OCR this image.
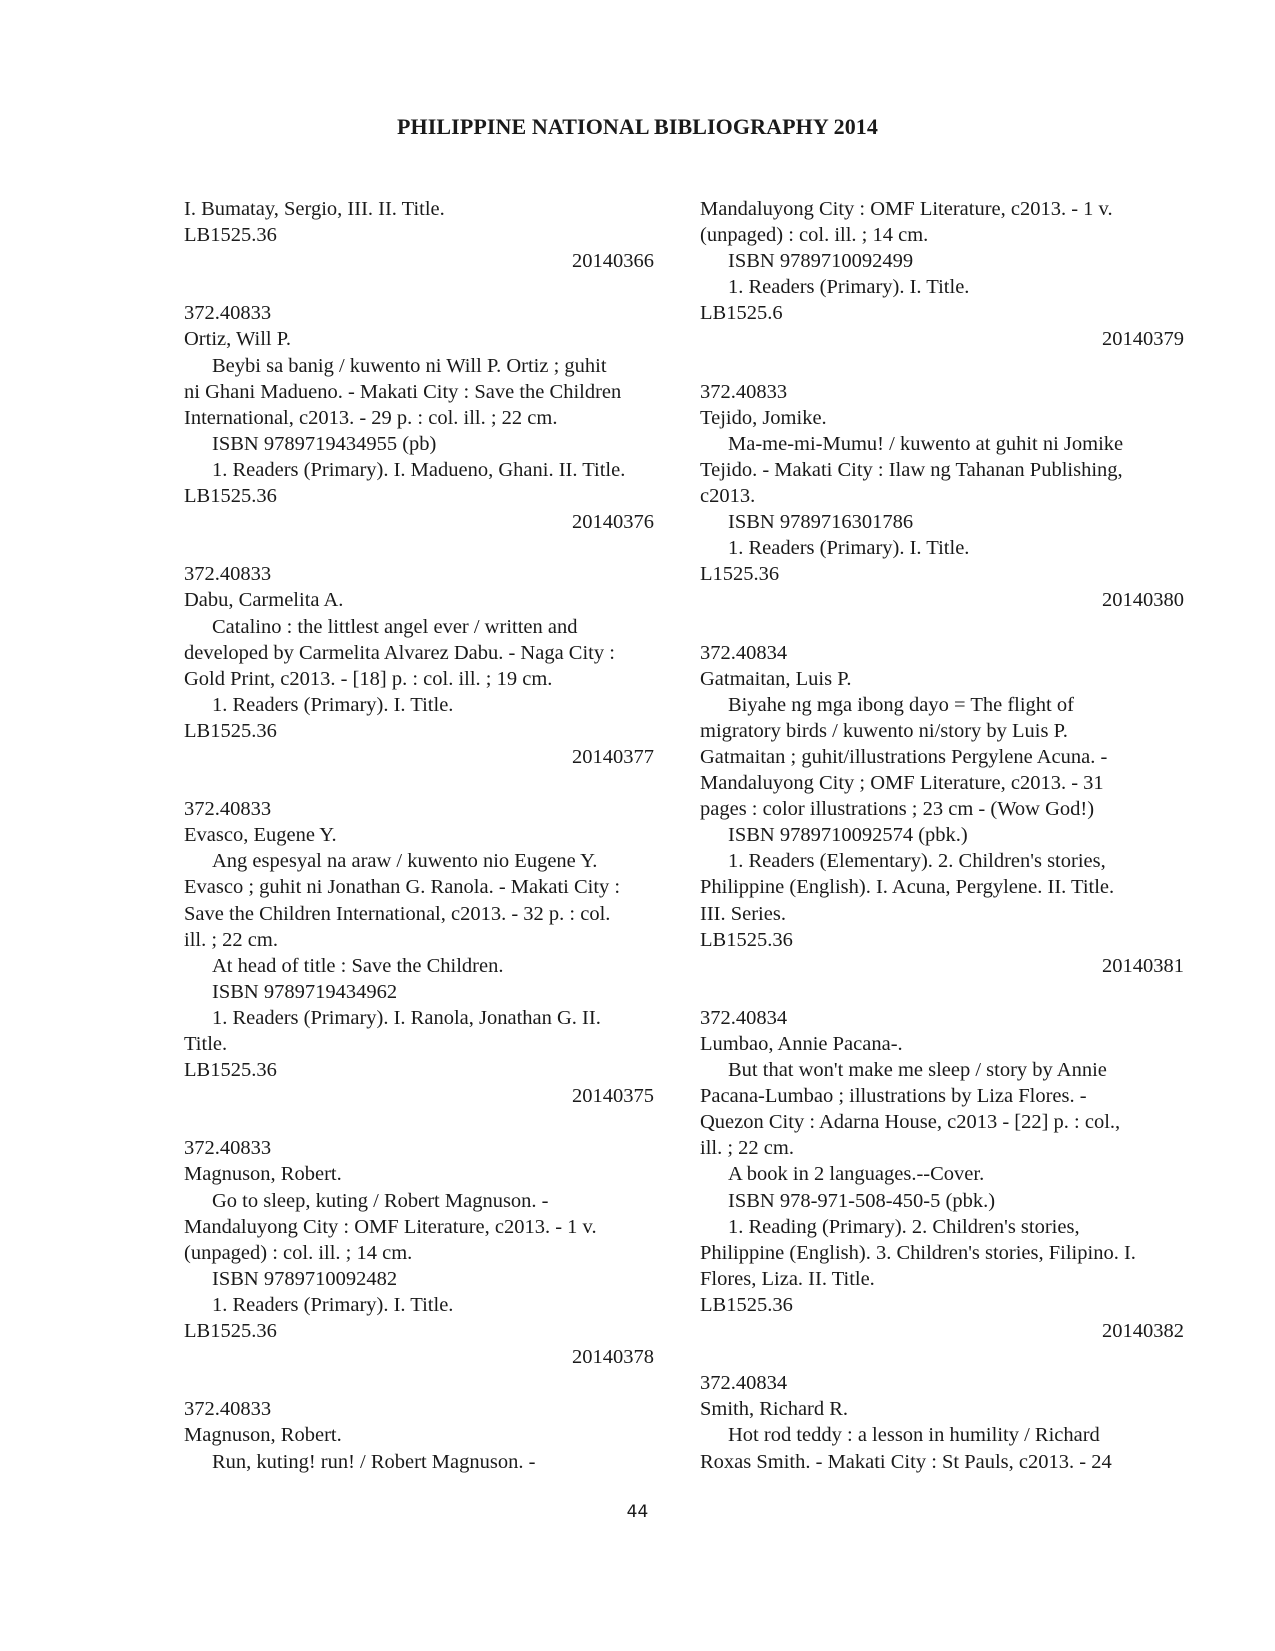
PHILIPPINE NATIONAL BIBLIOGRAPHY 2014
I. Bumatay, Sergio, III. II. Title.
LB1525.36
20140366
372.40833
Ortiz, Will P.
Beybi sa banig / kuwento ni Will P. Ortiz ; guhit
ni Ghani Madueno. - Makati City : Save the Children
International, c2013. - 29 p. : col. ill. ; 22 cm.
ISBN 9789719434955 (pb)
1. Readers (Primary). I. Madueno, Ghani. II. Title.
LB1525.36
20140376
372.40833
Dabu, Carmelita A.
Catalino : the littlest angel ever / written and
developed by Carmelita Alvarez Dabu. - Naga City :
Gold Print, c2013. - [18] p. : col. ill. ; 19 cm.
1. Readers (Primary). I. Title.
LB1525.36
20140377
372.40833
Evasco, Eugene Y.
Ang espesyal na araw / kuwento nio Eugene Y.
Evasco ; guhit ni Jonathan G. Ranola. - Makati City :
Save the Children International, c2013. - 32 p. : col.
ill. ; 22 cm.
At head of title : Save the Children.
ISBN 9789719434962
1. Readers (Primary). I. Ranola, Jonathan G. II.
Title.
LB1525.36
20140375
372.40833
Magnuson, Robert.
Go to sleep, kuting / Robert Magnuson. -
Mandaluyong City : OMF Literature, c2013. - 1 v.
(unpaged) : col. ill. ; 14 cm.
ISBN 9789710092482
1. Readers (Primary). I. Title.
LB1525.36
20140378
372.40833
Magnuson, Robert.
Run, kuting! run! / Robert Magnuson. -
Mandaluyong City : OMF Literature, c2013. - 1 v.
(unpaged) : col. ill. ; 14 cm.
ISBN 9789710092499
1. Readers (Primary). I. Title.
LB1525.6
20140379
372.40833
Tejido, Jomike.
Ma-me-mi-Mumu! / kuwento at guhit ni Jomike
Tejido. - Makati City : Ilaw ng Tahanan Publishing,
c2013.
ISBN 9789716301786
1. Readers (Primary). I. Title.
L1525.36
20140380
372.40834
Gatmaitan, Luis P.
Biyahe ng mga ibong dayo = The flight of
migratory birds / kuwento ni/story by Luis P.
Gatmaitan ; guhit/illustrations Pergylene Acuna. -
Mandaluyong City ; OMF Literature, c2013. - 31
pages : color illustrations ; 23 cm - (Wow God!)
ISBN 9789710092574 (pbk.)
1. Readers (Elementary). 2. Children's stories,
Philippine (English). I. Acuna, Pergylene. II. Title.
III. Series.
LB1525.36
20140381
372.40834
Lumbao, Annie Pacana-.
But that won't make me sleep / story by Annie
Pacana-Lumbao ; illustrations by Liza Flores. -
Quezon City : Adarna House, c2013 - [22] p. : col.,
ill. ; 22 cm.
A book in 2 languages.--Cover.
ISBN 978-971-508-450-5 (pbk.)
1. Reading (Primary). 2. Children's stories,
Philippine (English). 3. Children's stories, Filipino. I.
Flores, Liza. II. Title.
LB1525.36
20140382
372.40834
Smith, Richard R.
Hot rod teddy : a lesson in humility / Richard
Roxas Smith. - Makati City : St Pauls, c2013. - 24
44
